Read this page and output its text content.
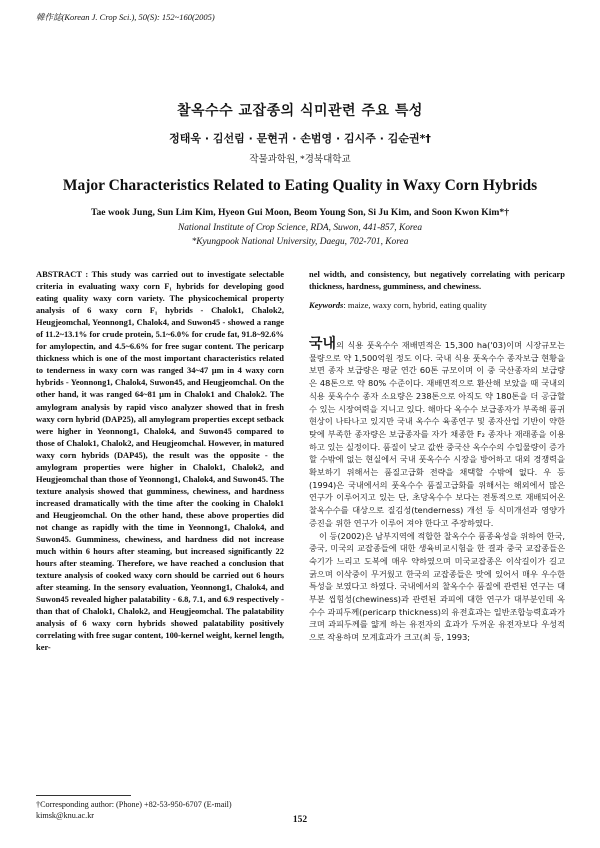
韓作誌(Korean J. Crop Sci.), 50(S): 152~160(2005)
찰옥수수 교잡종의 식미관련 주요 특성
정태욱 · 김선림 · 문현귀 · 손범영 · 김시주 · 김순권*†
작물과학원, *경북대학교
Major Characteristics Related to Eating Quality in Waxy Corn Hybrids
Tae wook Jung, Sun Lim Kim, Hyeon Gui Moon, Beom Young Son, Si Ju Kim, and Soon Kwon Kim*†
National Institute of Crop Science, RDA, Suwon, 441-857, Korea
*Kyungpook National University, Daegu, 702-701, Korea
ABSTRACT : This study was carried out to investigate selectable criteria in evaluating waxy corn F₁ hybrids for developing good eating quality waxy corn variety. The physicochemical property analysis of 6 waxy corn F₁ hybrids - Chalok1, Chalok2, Heugjeomchal, Yeonnong1, Chalok4, and Suwon45 - showed a range of 11.2~13.1% for crude protein, 5.1~6.0% for crude fat, 91.8~92.6% for amylopectin, and 4.5~6.6% for free sugar content. The pericarp thickness which is one of the most important characteristics related to tenderness in waxy corn was ranged 34~47 µm in 4 waxy corn hybrids - Yeonnong1, Chalok4, Suwon45, and Heugjeomchal. On the other hand, it was ranged 64~81 µm in Chalok1 and Chalok2. The amylogram analysis by rapid visco analyzer showed that in fresh waxy corn hybrid (DAP25), all amylogram properties except setback were higher in Yeonnong1, Chalok4, and Suwon45 compared to those of Chalok1, Chalok2, and Heugjeomchal. However, in matured waxy corn hybrids (DAP45), the result was the opposite - the amylogram properties were higher in Chalok1, Chalok2, and Heugjeomchal than those of Yeonnong1, Chalok4, and Suwon45. The texture analysis showed that gumminess, chewiness, and hardness increased dramatically with the time after the cooking in Chalok1 and Heugjeomchal. On the other hand, these above properties did not change as rapidly with the time in Yeonnong1, Chalok4, and Suwon45. Gumminess, chewiness, and hardness did not increase much within 6 hours after steaming, but increased significantly 22 hours after steaming. Therefore, we have reached a conclusion that texture analysis of cooked waxy corn should be carried out 6 hours after steaming. In the sensory evaluation, Yeonnong1, Chalok4, and Suwon45 revealed higher palatability - 6.8, 7.1, and 6.9 respectively - than that of Chalok1, Chalok2, and Heugjeomchal. The palatability analysis of 6 waxy corn hybrids showed palatability positively correlating with free sugar content, 100-kernel weight, kernel length, ker-
nel width, and consistency, but negatively correlating with pericarp thickness, hardness, gumminess, and chewiness.
Keywords: maize, waxy corn, hybrid, eating quality

국내의 식용 풋옥수수 재배면적은 15,300 ha('03)이며 시장규모는 물량으로 약 1,500억원 정도 이다. 국내 식용 풋옥수수 종자보급 현황을 보면 종자 보급량은 평균 연간 60톤 규모이며 이 중 국산종자의 보급량은 48톤으로 약 80% 수준이다. 재배면적으로 환산해 보았을 때 국내의 식용 풋옥수수 종자 소요량은 238톤으로 아직도 약 180톤을 더 공급할 수 있는 시장여력을 지니고 있다. 해마다 옥수수 보급종자가 부족해 품귀현상이 나타나고 있지만 국내 옥수수 육종연구 및 종자산업 기반이 약한 탓에 부족한 종자량은 보급종자를 자가 채종한 F₂ 종자나 재래종을 이용하고 있는 실정이다. 품질이 낮고 값싼 중국산 옥수수의 수입물량이 증가 할 수밖에 없는 현실에서 국내 풋옥수수 시장을 방어하고 대외 경쟁력을 확보하기 위해서는 품질고급화 전략을 채택할 수밖에 없다. 우 등(1994)은 국내에서의 풋옥수수 품질고급화를 위해서는 해외에서 많은 연구가 이루어지고 있는 단, 초당옥수수 보다는 전통적으로 재배되어온 찰옥수수를 대상으로 질김성(tenderness) 개선 등 식미개선과 영양가 증진을 위한 연구가 이루어 져야 한다고 주장하였다.

이 등(2002)은 남부지역에 적합한 찰옥수수 품종육성을 위하여 한국, 중국, 미국의 교잡종들에 대한 생육비교시험을 한 결과 중국 교잡종들은 숙기가 느리고 도복에 매우 약하였으며 미국교잡종은 이삭길이가 길고 굵으며 이삭중이 무거웠고 한국의 교잡종들은 맛에 있어서 매우 우수한 특성을 보였다고 하였다. 국내에서의 찰옥수수 품질에 관련된 연구는 대부분 씹힘성(chewiness)과 관련된 과피에 대한 연구가 대부분인데 옥수수 과피두께(pericarp thickness)의 유전효과는 일반조합능력효과가 크며 과피두께를 얇게 하는 유전자의 효과가 두꺼운 유전자보다 우성적으로 작용하며 모계효과가 크고(최 등, 1993;

†Corresponding author: (Phone) +82-53-950-6707 (E-mail) kimsk@knu.ac.kr	152
